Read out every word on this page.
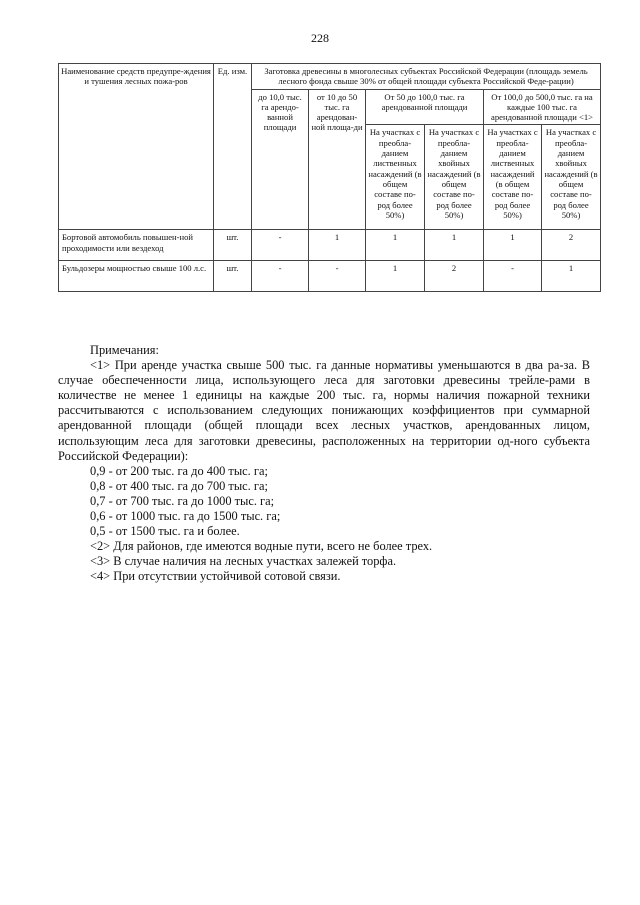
228
Наименование средств предупре-ждения и тушения лесных пожа-ров	Ед. изм.	Заготовка древесины в многолесных субъектах Российской Федерации (площадь земель лесного фонда свыше 30% от общей площади субъекта Российской Феде-рации)					
		до 10,0 тыс. га арендо-ванной площади	от 10 до 50 тыс. га арендован-ной площа-ди	От 50 до 100,0 тыс. га арендованной площади		От 100,0 до 500,0 тыс. га на каждые 100 тыс. га арендованной площади <1>	
				На участках с преобла-данием лиственных насаждений (в общем составе по-род более 50%)	На участках с преобла-данием хвойных насаждений (в общем составе по-род более 50%)	На участках с преобла-данием лиственных насаждений (в общем составе по-род более 50%)	На участках с преобла-данием хвойных насаждений (в общем составе по-род более 50%)
Бортовой автомобиль повышен-ной проходимости или вездеход	шт.	-	1	1	1	1	2
Бульдозеры мощностью свыше 100 л.с.	шт.	-	-	1	2	-	1

Примечания:

<1> При аренде участка свыше 500 тыс. га данные нормативы уменьшаются в два ра-за. В случае обеспеченности лица, использующего леса для заготовки древесины трейле-рами в количестве не менее 1 единицы на каждые 200 тыс. га, нормы наличия пожарной техники рассчитываются с использованием следующих понижающих коэффициентов при суммарной арендованной площади (общей площади всех лесных участков, арендованных лицом, использующим леса для заготовки древесины, расположенных на территории од-ного субъекта Российской Федерации):

0,9 - от 200 тыс. га до 400 тыс. га;

0,8 - от 400 тыс. га до 700 тыс. га;

0,7 - от 700 тыс. га до 1000 тыс. га;

0,6 - от 1000 тыс. га до 1500 тыс. га;

0,5 - от 1500 тыс. га и более.

<2> Для районов, где имеются водные пути, всего не более трех.

<3> В случае наличия на лесных участках залежей торфа.

<4> При отсутствии устойчивой сотовой связи.
